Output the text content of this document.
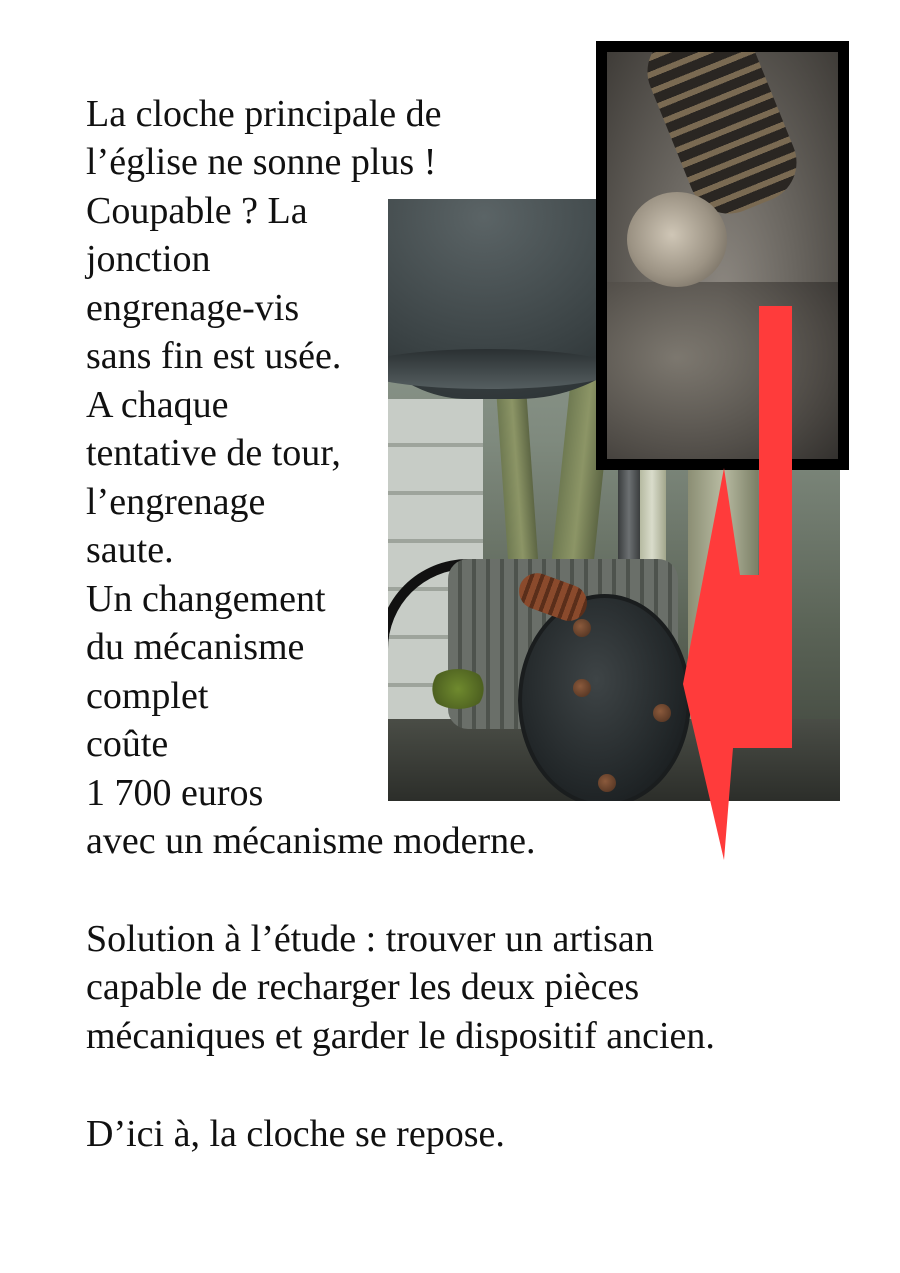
La cloche principale de

l’église ne sonne plus !

Coupable ? La

jonction

engrenage-vis

sans fin est usée.

A chaque

tentative de tour,

l’engrenage

saute.

Un changement

du mécanisme

complet

coûte

1 700 euros

avec un mécanisme moderne.

Solution à l’étude : trouver un artisan

capable de recharger les deux pièces

mécaniques et garder le dispositif ancien.

D’ici à, la cloche se repose.
